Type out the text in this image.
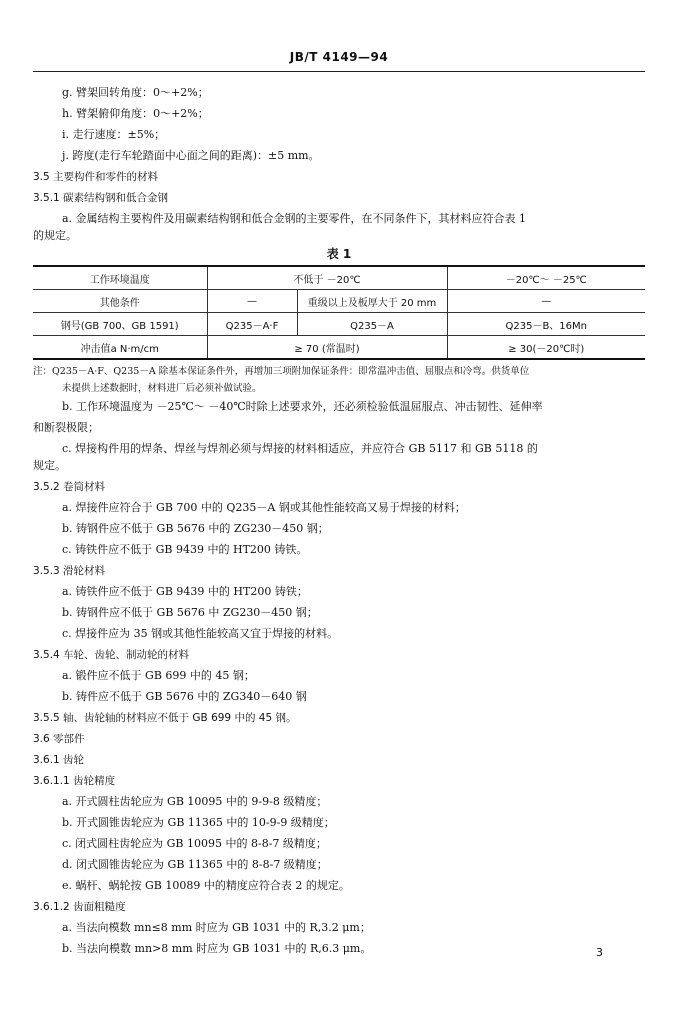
JB/T 4149—94
g. 臂架回转角度：0～+2%；
h. 臂架俯仰角度：0～+2%；
i. 走行速度：±5%；
j. 跨度(走行车轮踏面中心面之间的距离)：±5 mm。
3.5 主要构件和零件的材料
3.5.1 碳素结构钢和低合金钢
a. 金属结构主要构件及用碳素结构钢和低合金钢的主要零件，在不同条件下，其材料应符合表 1
的规定。
表 1
工作环境温度	不低于 －20℃		－20℃～ －25℃
其他条件	—	重级以上及板厚大于 20 mm	—
钢号(GB 700、GB 1591)	Q235－A·F	Q235－A	Q235－B、16Mn
冲击值a N·m/cm	≥ 70 (常温时)		≥ 30(－20℃时)
注：Q235－A·F、Q235－A 除基本保证条件外，再增加三项附加保证条件：即常温冲击值、屈服点和冷弯。供货单位
未提供上述数据时，材料进厂后必须补做试验。
b. 工作环境温度为 －25℃～ －40℃时除上述要求外，还必须检验低温屈服点、冲击韧性、延伸率
和断裂极限；
c. 焊接构件用的焊条、焊丝与焊剂必须与焊接的材料相适应，并应符合 GB 5117 和 GB 5118 的
规定。
3.5.2 卷筒材料
a. 焊接件应符合于 GB 700 中的 Q235－A 钢或其他性能较高又易于焊接的材料；
b. 铸钢件应不低于 GB 5676 中的 ZG230－450 钢；
c. 铸铁件应不低于 GB 9439 中的 HT200 铸铁。
3.5.3 滑轮材料
a. 铸铁件应不低于 GB 9439 中的 HT200 铸铁；
b. 铸钢件应不低于 GB 5676 中 ZG230－450 钢；
c. 焊接件应为 35 钢或其他性能较高又宜于焊接的材料。
3.5.4 车轮、齿轮、制动轮的材料
a. 锻件应不低于 GB 699 中的 45 钢；
b. 铸件应不低于 GB 5676 中的 ZG340－640 钢
3.5.5 轴、齿轮轴的材料应不低于 GB 699 中的 45 钢。
3.6 零部件
3.6.1 齿轮
3.6.1.1 齿轮精度
a. 开式圆柱齿轮应为 GB 10095 中的 9-9-8 级精度；
b. 开式圆锥齿轮应为 GB 11365 中的 10-9-9 级精度；
c. 闭式圆柱齿轮应为 GB 10095 中的 8-8-7 级精度；
d. 闭式圆锥齿轮应为 GB 11365 中的 8-8-7 级精度；
e. 蜗杆、蜗轮按 GB 10089 中的精度应符合表 2 的规定。
3.6.1.2 齿面粗糙度
a. 当法向模数 mn≤8 mm 时应为 GB 1031 中的 R,3.2 μm；
b. 当法向模数 mn>8 mm 时应为 GB 1031 中的 R,6.3 μm。	3
